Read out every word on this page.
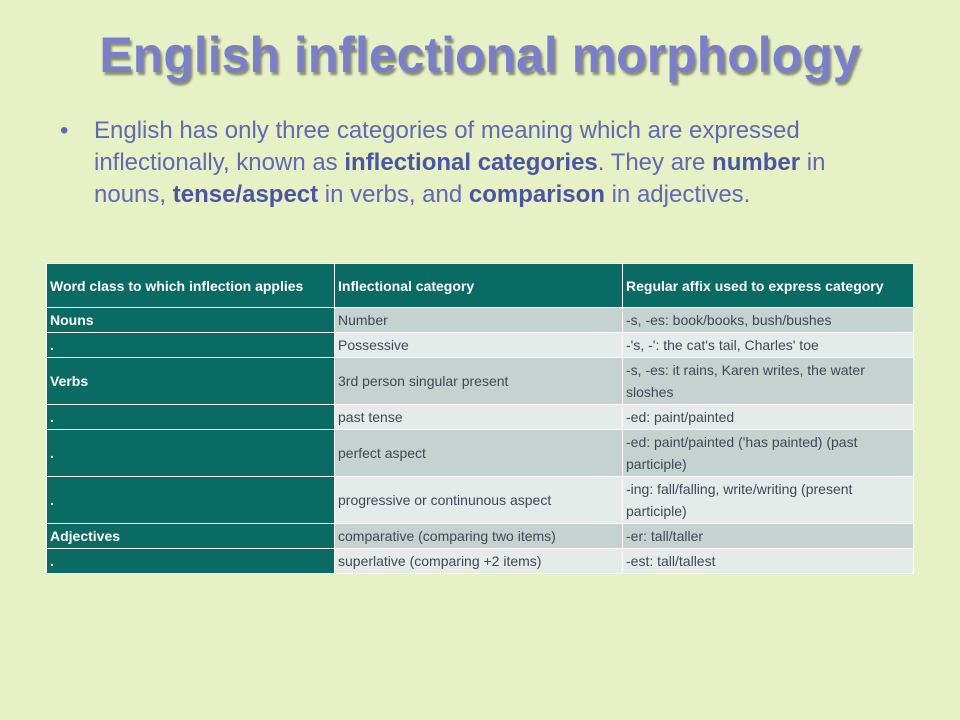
English inflectional morphology
• English has only three categories of meaning which are expressed inflectionally, known as inflectional categories. They are number in nouns, tense/aspect in verbs, and comparison in adjectives.
Word class to which inflection applies	Inflectional category	Regular affix used to express category
Nouns	Number	-s, -es: book/books, bush/bushes
.	Possessive	-'s, -': the cat's tail, Charles' toe
Verbs	3rd person singular present	-s, -es: it rains, Karen writes, the water sloshes
.	past tense	-ed: paint/painted
.	perfect aspect	-ed: paint/painted ('has painted) (past participle)
.	progressive or continunous aspect	-ing: fall/falling, write/writing (present participle)
Adjectives	comparative (comparing two items)	-er: tall/taller
.	superlative (comparing +2 items)	-est: tall/tallest
